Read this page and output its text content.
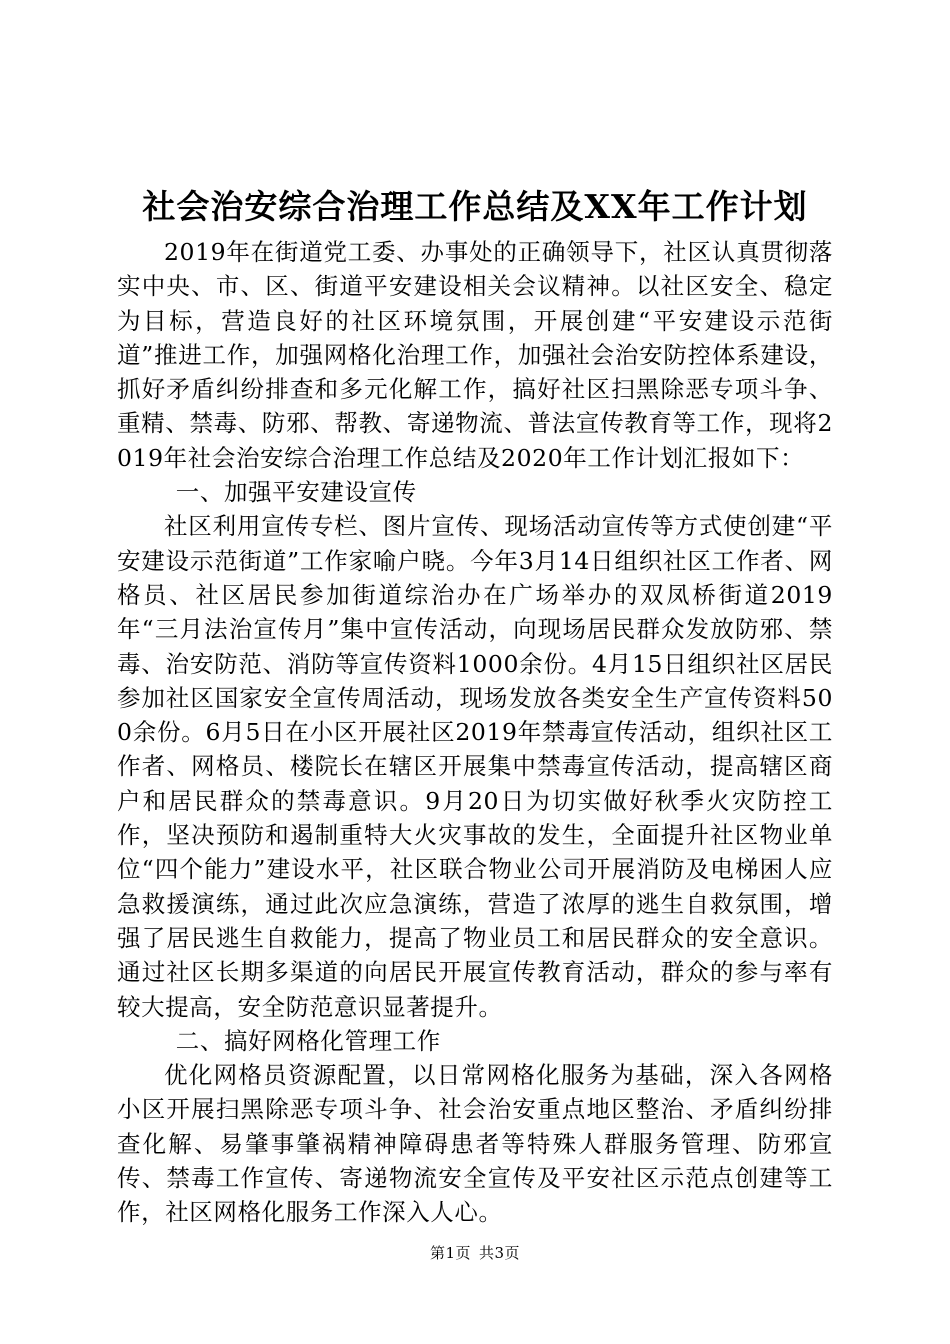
社会治安综合治理工作总结及XX年工作计划

2019年在街道党工委、办事处的正确领导下，社区认真贯彻落实中央、市、区、街道平安建设相关会议精神。以社区安全、稳定为目标，营造良好的社区环境氛围，开展创建“平安建设示范街道”推进工作，加强网格化治理工作，加强社会治安防控体系建设，抓好矛盾纠纷排查和多元化解工作，搞好社区扫黑除恶专项斗争、重精、禁毒、防邪、帮教、寄递物流、普法宣传教育等工作，现将2019年社会治安综合治理工作总结及2020年工作计划汇报如下：

一、加强平安建设宣传

社区利用宣传专栏、图片宣传、现场活动宣传等方式使创建“平安建设示范街道”工作家喻户晓。今年3月14日组织社区工作者、网格员、社区居民参加街道综治办在广场举办的双凤桥街道2019年“三月法治宣传月”集中宣传活动，向现场居民群众发放防邪、禁毒、治安防范、消防等宣传资料1000余份。4月15日组织社区居民参加社区国家安全宣传周活动，现场发放各类安全生产宣传资料500余份。6月5日在小区开展社区2019年禁毒宣传活动，组织社区工作者、网格员、楼院长在辖区开展集中禁毒宣传活动，提高辖区商户和居民群众的禁毒意识。9月20日为切实做好秋季火灾防控工作，坚决预防和遏制重特大火灾事故的发生，全面提升社区物业单位“四个能力”建设水平，社区联合物业公司开展消防及电梯困人应急救援演练，通过此次应急演练，营造了浓厚的逃生自救氛围，增强了居民逃生自救能力，提高了物业员工和居民群众的安全意识。通过社区长期多渠道的向居民开展宣传教育活动，群众的参与率有较大提高，安全防范意识显著提升。

二、搞好网格化管理工作

优化网格员资源配置，以日常网格化服务为基础，深入各网格小区开展扫黑除恶专项斗争、社会治安重点地区整治、矛盾纠纷排查化解、易肇事肇祸精神障碍患者等特殊人群服务管理、防邪宣传、禁毒工作宣传、寄递物流安全宣传及平安社区示范点创建等工作，社区网格化服务工作深入人心。

第1页 共3页
